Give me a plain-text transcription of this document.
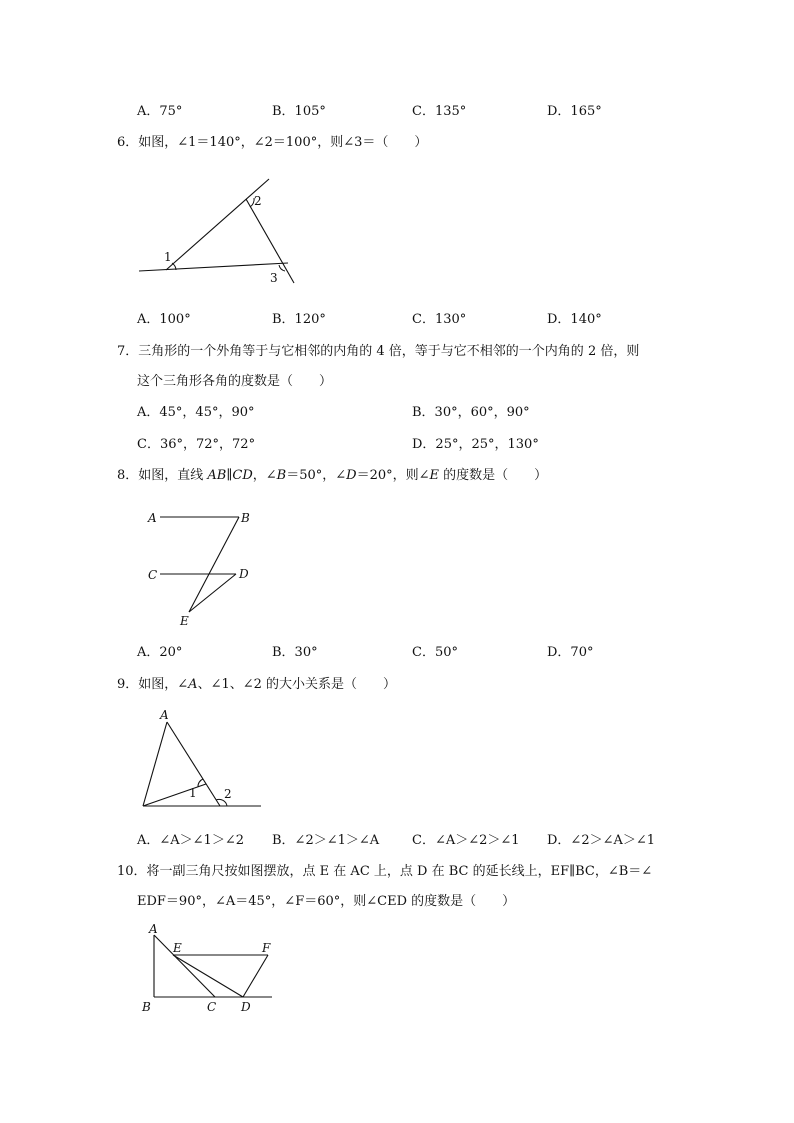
A．75°	B．105°	C．135°	D．165°
6．如图，∠1＝140°，∠2＝100°，则∠3＝（　　）
1
2
3
A．100°	B．120°	C．130°	D．140°
7．三角形的一个外角等于与它相邻的内角的 4 倍，等于与它不相邻的一个内角的 2 倍，则
这个三角形各角的度数是（　　）
A．45°，45°，90°	B．30°，60°，90°
C．36°，72°，72°	D．25°，25°，130°
8．如图，直线 AB∥CD，∠B＝50°，∠D＝20°，则∠E 的度数是（　　）
A	B
C	D
E
A．20°	B．30°	C．50°	D．70°
9．如图，∠A、∠1、∠2 的大小关系是（　　）
A
1 2
A．∠A＞∠1＞∠2 B．∠2＞∠1＞∠A	C．∠A＞∠2＞∠1 D．∠2＞∠A＞∠1
10．将一副三角尺按如图摆放，点 E 在 AC 上，点 D 在 BC 的延长线上，EF∥BC，∠B＝∠
EDF＝90°，∠A＝45°，∠F＝60°，则∠CED 的度数是（　　）
A
E	F
B	C D
